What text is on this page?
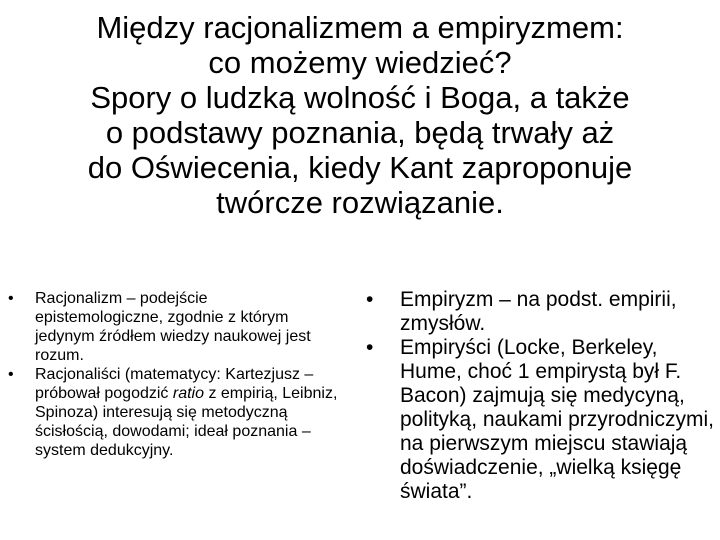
Między racjonalizmem a empiryzmem:
co możemy wiedzieć?
Spory o ludzką wolność i Boga, a także
o podstawy poznania, będą trwały aż
do Oświecenia, kiedy Kant zaproponuje
twórcze rozwiązanie.
• Racjonalizm – podejście epistemologiczne, zgodnie z którym jedynym źródłem wiedzy naukowej jest rozum.
• Racjonaliści (matematycy: Kartezjusz – próbował pogodzić ratio z empirią, Leibniz, Spinoza) interesują się metodyczną ścisłością, dowodami; ideał poznania – system dedukcyjny.
• Empiryzm – na podst. empirii, zmysłów.
• Empiryści (Locke, Berkeley, Hume, choć 1 empirystą był F. Bacon) zajmują się medycyną, polityką, naukami przyrodniczymi, na pierwszym miejscu stawiają doświadczenie, „wielką księgę świata”.
